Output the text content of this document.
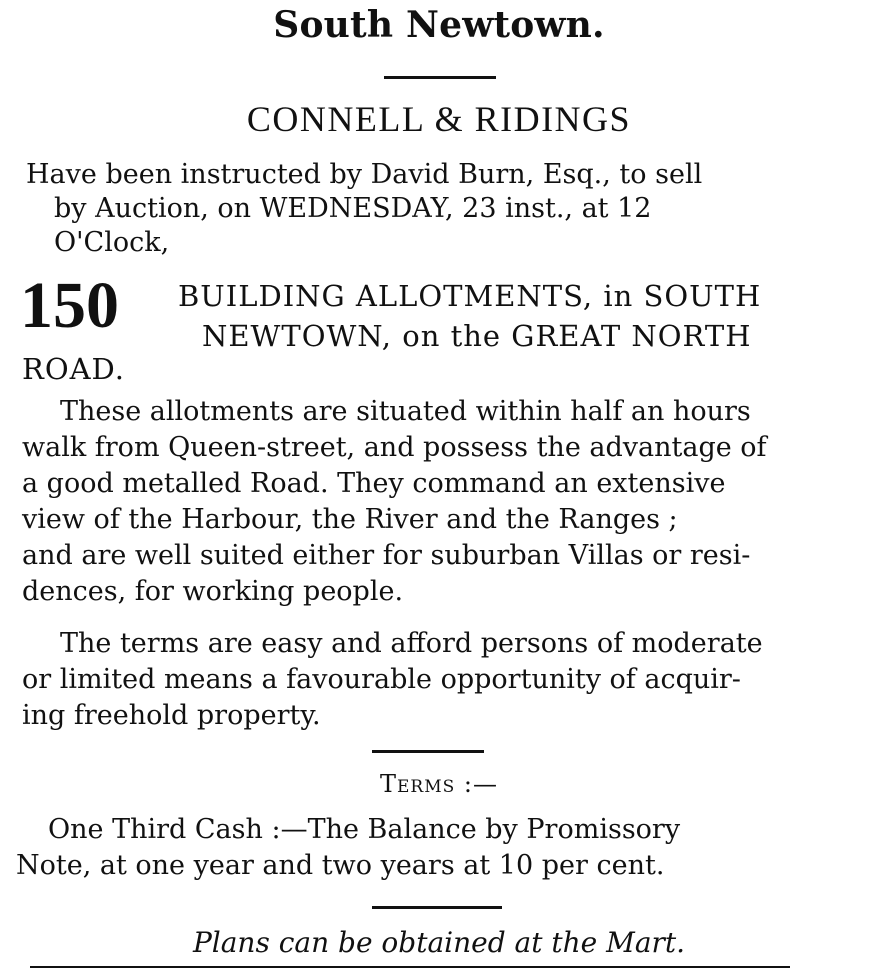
South Newtown.
CONNELL & RIDINGS
Have been instructed by David Burn, Esq., to sell
by Auction, on WEDNESDAY, 23 inst., at 12
O'Clock,
150 BUILDING ALLOTMENTS, in SOUTH
NEWTOWN, on the GREAT NORTH
ROAD.
These allotments are situated within half an hours
walk from Queen-street, and possess the advantage of
a good metalled Road. They command an extensive
view of the Harbour, the River and the Ranges ;
and are well suited either for suburban Villas or resi-
dences, for working people.
The terms are easy and afford persons of moderate
or limited means a favourable opportunity of acquir-
ing freehold property.
Terms :—
One Third Cash :—The Balance by Promissory
Note, at one year and two years at 10 per cent.
Plans can be obtained at the Mart.
